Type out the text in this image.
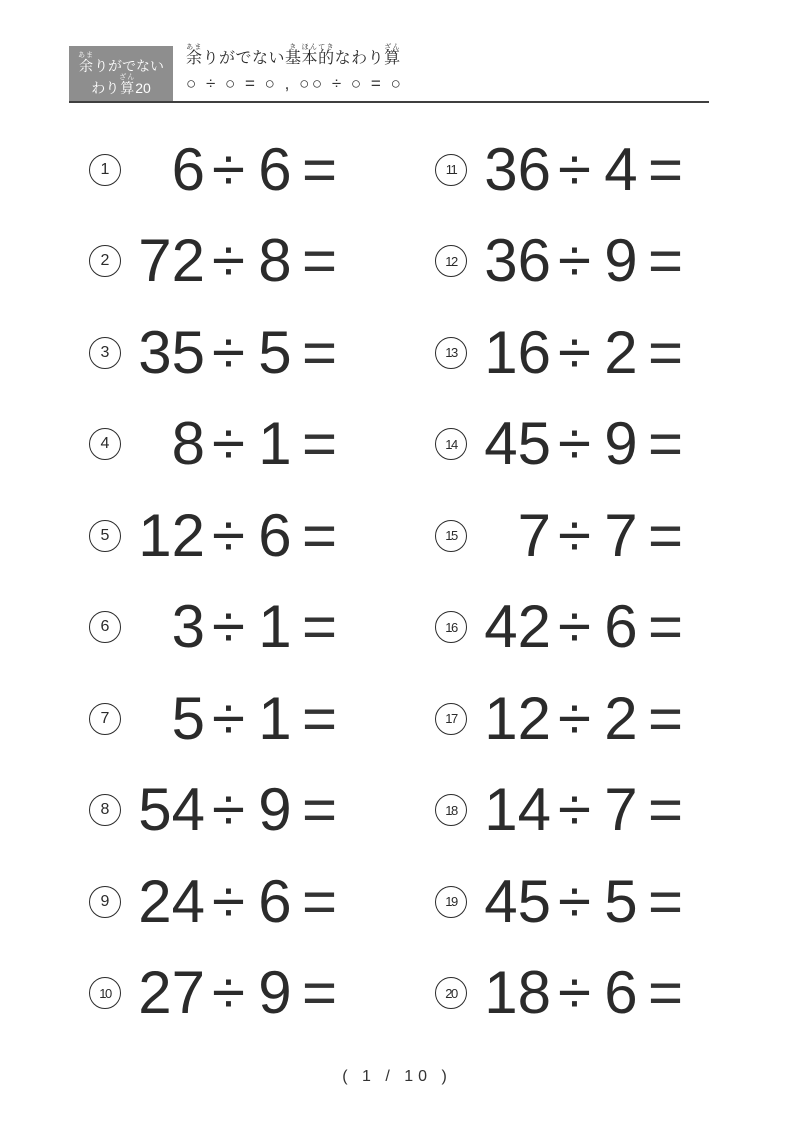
余あまりがでない
わり算ざん20
余あまりがでない基き本ほん的てきなわり算ざん
○ ÷ ○ = ○ , ○○ ÷ ○ = ○
1	6 ÷ 6 =
2 72 ÷ 8 =
3 35 ÷ 5 =
4	8 ÷ 1 =
5 12 ÷ 6 =
6	3 ÷ 1 =
7	5 ÷ 1 =
8 54 ÷ 9 =
9 24 ÷ 6 =
10 27 ÷ 9 =
11 36 ÷ 4 =
12 36 ÷ 9 =
13 16 ÷ 2 =
14 45 ÷ 9 =
15	7 ÷ 7 =
16 42 ÷ 6 =
17 12 ÷ 2 =
18 14 ÷ 7 =
19 45 ÷ 5 =
20 18 ÷ 6 =
( 1 / 10 )
